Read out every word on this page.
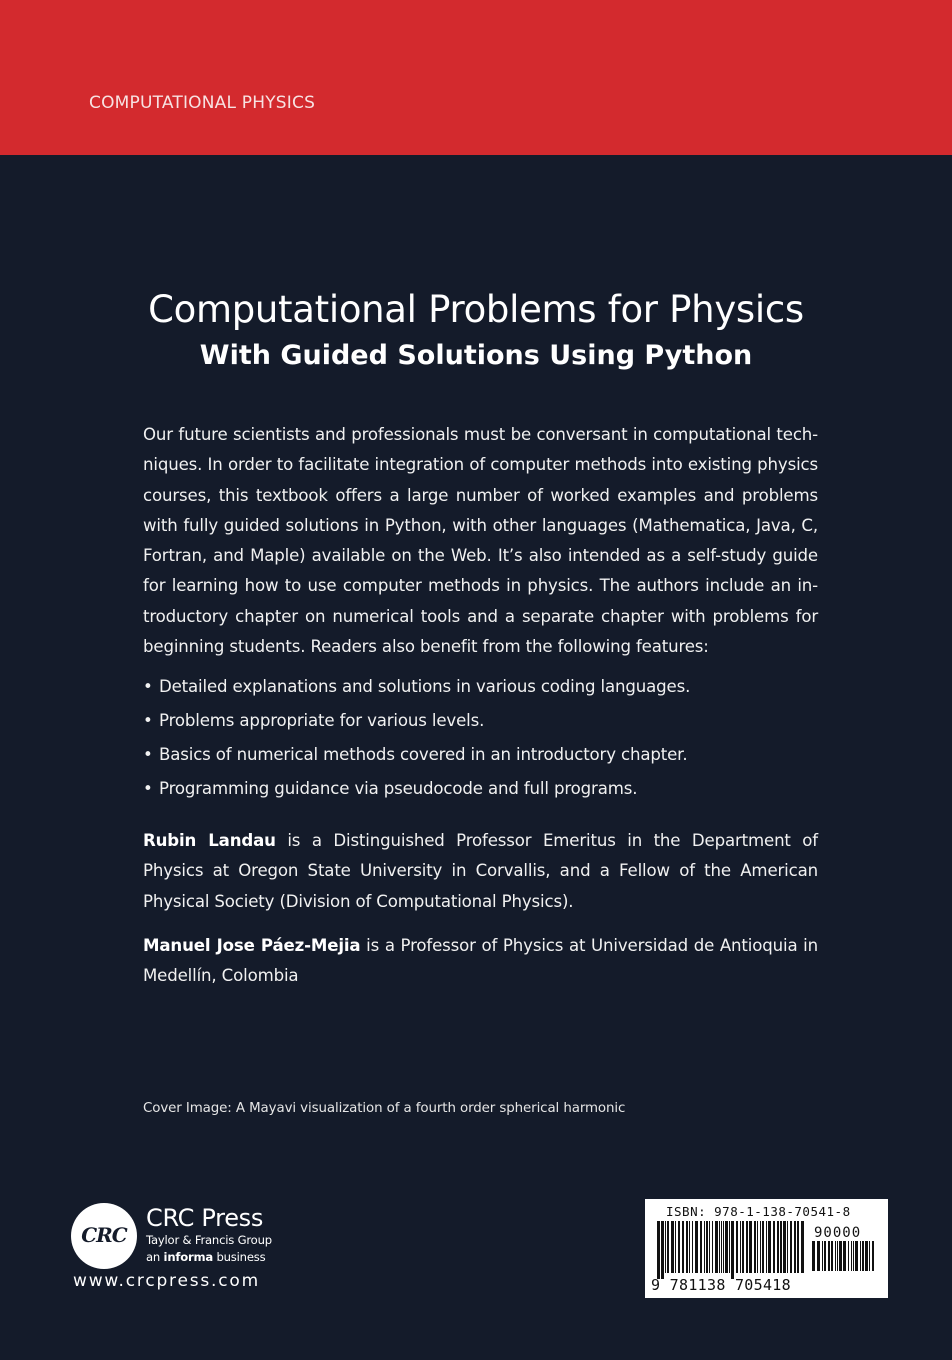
COMPUTATIONAL PHYSICS
Computational Problems for Physics
With Guided Solutions Using Python

Our future scientists and professionals must be conversant in computational tech-niques. In order to facilitate integration of computer methods into existing physics courses, this textbook offers a large number of worked examples and problems with fully guided solutions in Python, with other languages (Mathematica, Java, C, Fortran, and Maple) available on the Web. It’s also intended as a self-study guide for learning how to use computer methods in physics. The authors include an in-troductory chapter on numerical tools and a separate chapter with problems for beginning students. Readers also benefit from the following features:

• Detailed explanations and solutions in various coding languages.
• Problems appropriate for various levels.
• Basics of numerical methods covered in an introductory chapter.
• Programming guidance via pseudocode and full programs.

Rubin Landau is a Distinguished Professor Emeritus in the Department of Physics at Oregon State University in Corvallis, and a Fellow of the American Physical Society (Division of Computational Physics).

Manuel Jose Páez-Mejia is a Professor of Physics at Universidad de Antioquia in Medellín, Colombia

Cover Image: A Mayavi visualization of a fourth order spherical harmonic

CRC

CRC Press

Taylor & Francis Group

an informa business

www.crcpress.com

ISBN: 978-1-138-70541-8
90000
9 781138 705418
